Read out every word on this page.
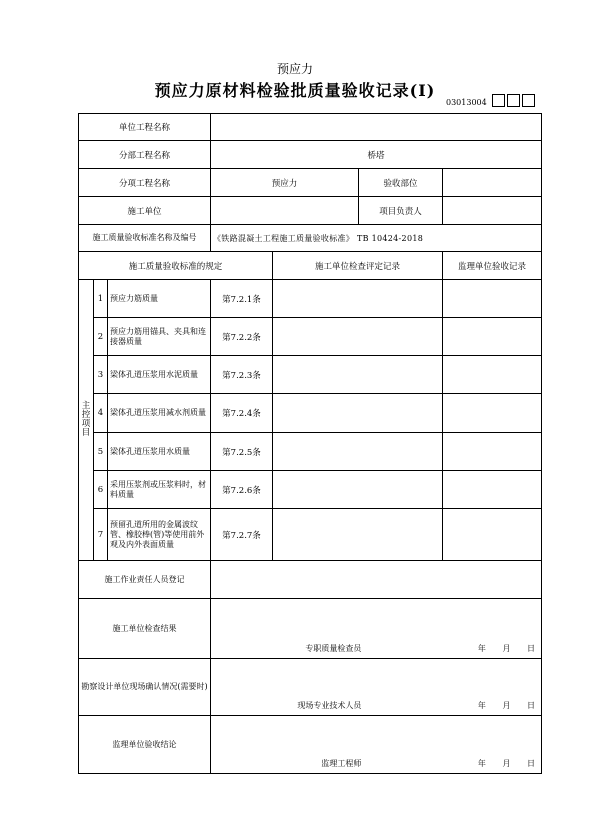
预应力
预应力原材料检验批质量验收记录(Ⅰ)
03013004
单位工程名称						
分部工程名称			桥塔			
分项工程名称			预应力		验收部位	
施工单位					项目负责人	
施工质量验收标准名称及编号			《铁路混凝土工程施工质量验收标准》 TB 10424-2018			
施工质量验收标准的规定				施工单位检查评定记录		监理单位验收记录

主
控
项
目	1	预应力筋质量	第7.2.1条			
	2	预应力筋用锚具、夹具和连接器质量	第7.2.2条			
	3	梁体孔道压浆用水泥质量	第7.2.3条			
	4	梁体孔道压浆用减水剂质量	第7.2.4条			
	5	梁体孔道压浆用水质量	第7.2.5条			
	6	采用压浆剂或压浆料时，材料质量	第7.2.6条			
	7	预留孔道所用的金属波纹管、橡胶棒(管)等使用前外观及内外表面质量	第7.2.7条			
施工作业责任人员登记						
施工单位检查结果			专职质量检查员 年 月 日			

勘察设计单位现场确认情况(需要时)			现场专业技术人员 年 月 日			

监理单位验收结论			监理工程师 年 月 日			
